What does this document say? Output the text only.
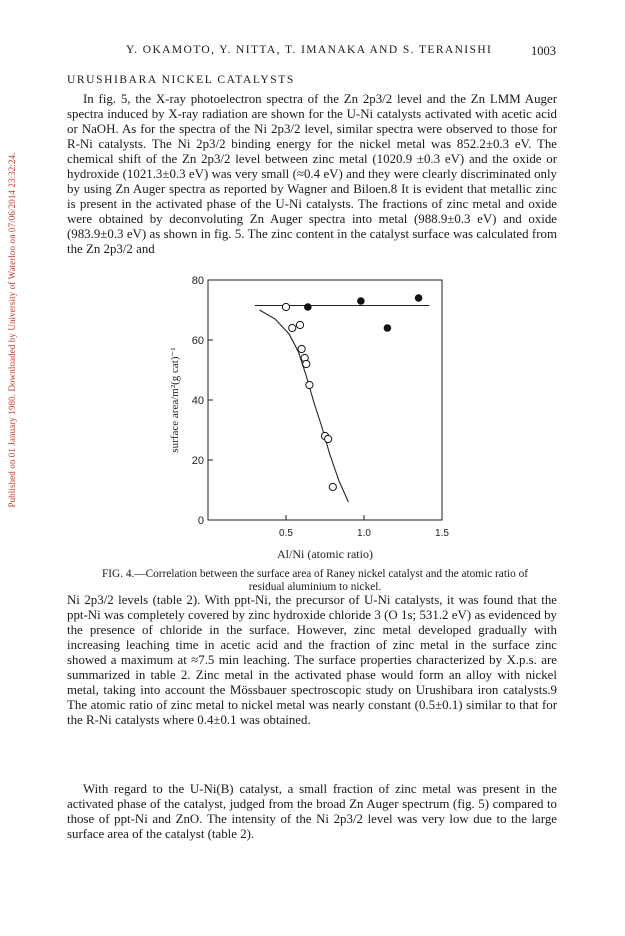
Published on 01 January 1980. Downloaded by University of Waterloo on 07/06/2014 23:32:24.
Y. OKAMOTO, Y. NITTA, T. IMANAKA AND S. TERANISHI	1003
URUSHIBARA NICKEL CATALYSTS
In fig. 5, the X-ray photoelectron spectra of the Zn 2p3/2 level and the Zn LMM Auger spectra induced by X-ray radiation are shown for the U-Ni catalysts activated with acetic acid or NaOH. As for the spectra of the Ni 2p3/2 level, similar spectra were observed to those for R-Ni catalysts. The Ni 2p3/2 binding energy for the nickel metal was 852.2±0.3 eV. The chemical shift of the Zn 2p3/2 level between zinc metal (1020.9 ±0.3 eV) and the oxide or hydroxide (1021.3±0.3 eV) was very small (≈0.4 eV) and they were clearly discriminated only by using Zn Auger spectra as reported by Wagner and Biloen.8 It is evident that metallic zinc is present in the activated phase of the U-Ni catalysts. The fractions of zinc metal and oxide were obtained by deconvoluting Zn Auger spectra into metal (988.9±0.3 eV) and oxide (983.9±0.3 eV) as shown in fig. 5. The zinc content in the catalyst surface was calculated from the Zn 2p3/2 and
0
20
40
60
80
0.5	1.0	1.5
Al/Ni (atomic ratio)
surface area/m²(g cat)⁻¹
FIG. 4.—Correlation between the surface area of Raney nickel catalyst and the atomic ratio of residual aluminium to nickel.
Ni 2p3/2 levels (table 2). With ppt-Ni, the precursor of U-Ni catalysts, it was found that the ppt-Ni was completely covered by zinc hydroxide chloride 3 (O 1s; 531.2 eV) as evidenced by the presence of chloride in the surface. However, zinc metal developed gradually with increasing leaching time in acetic acid and the fraction of zinc metal in the surface zinc showed a maximum at ≈7.5 min leaching. The surface properties characterized by X.p.s. are summarized in table 2. Zinc metal in the activated phase would form an alloy with nickel metal, taking into account the Mössbauer spectroscopic study on Urushibara iron catalysts.9 The atomic ratio of zinc metal to nickel metal was nearly constant (0.5±0.1) similar to that for the R-Ni catalysts where 0.4±0.1 was obtained.
With regard to the U-Ni(B) catalyst, a small fraction of zinc metal was present in the activated phase of the catalyst, judged from the broad Zn Auger spectrum (fig. 5) compared to those of ppt-Ni and ZnO. The intensity of the Ni 2p3/2 level was very low due to the large surface area of the catalyst (table 2).
